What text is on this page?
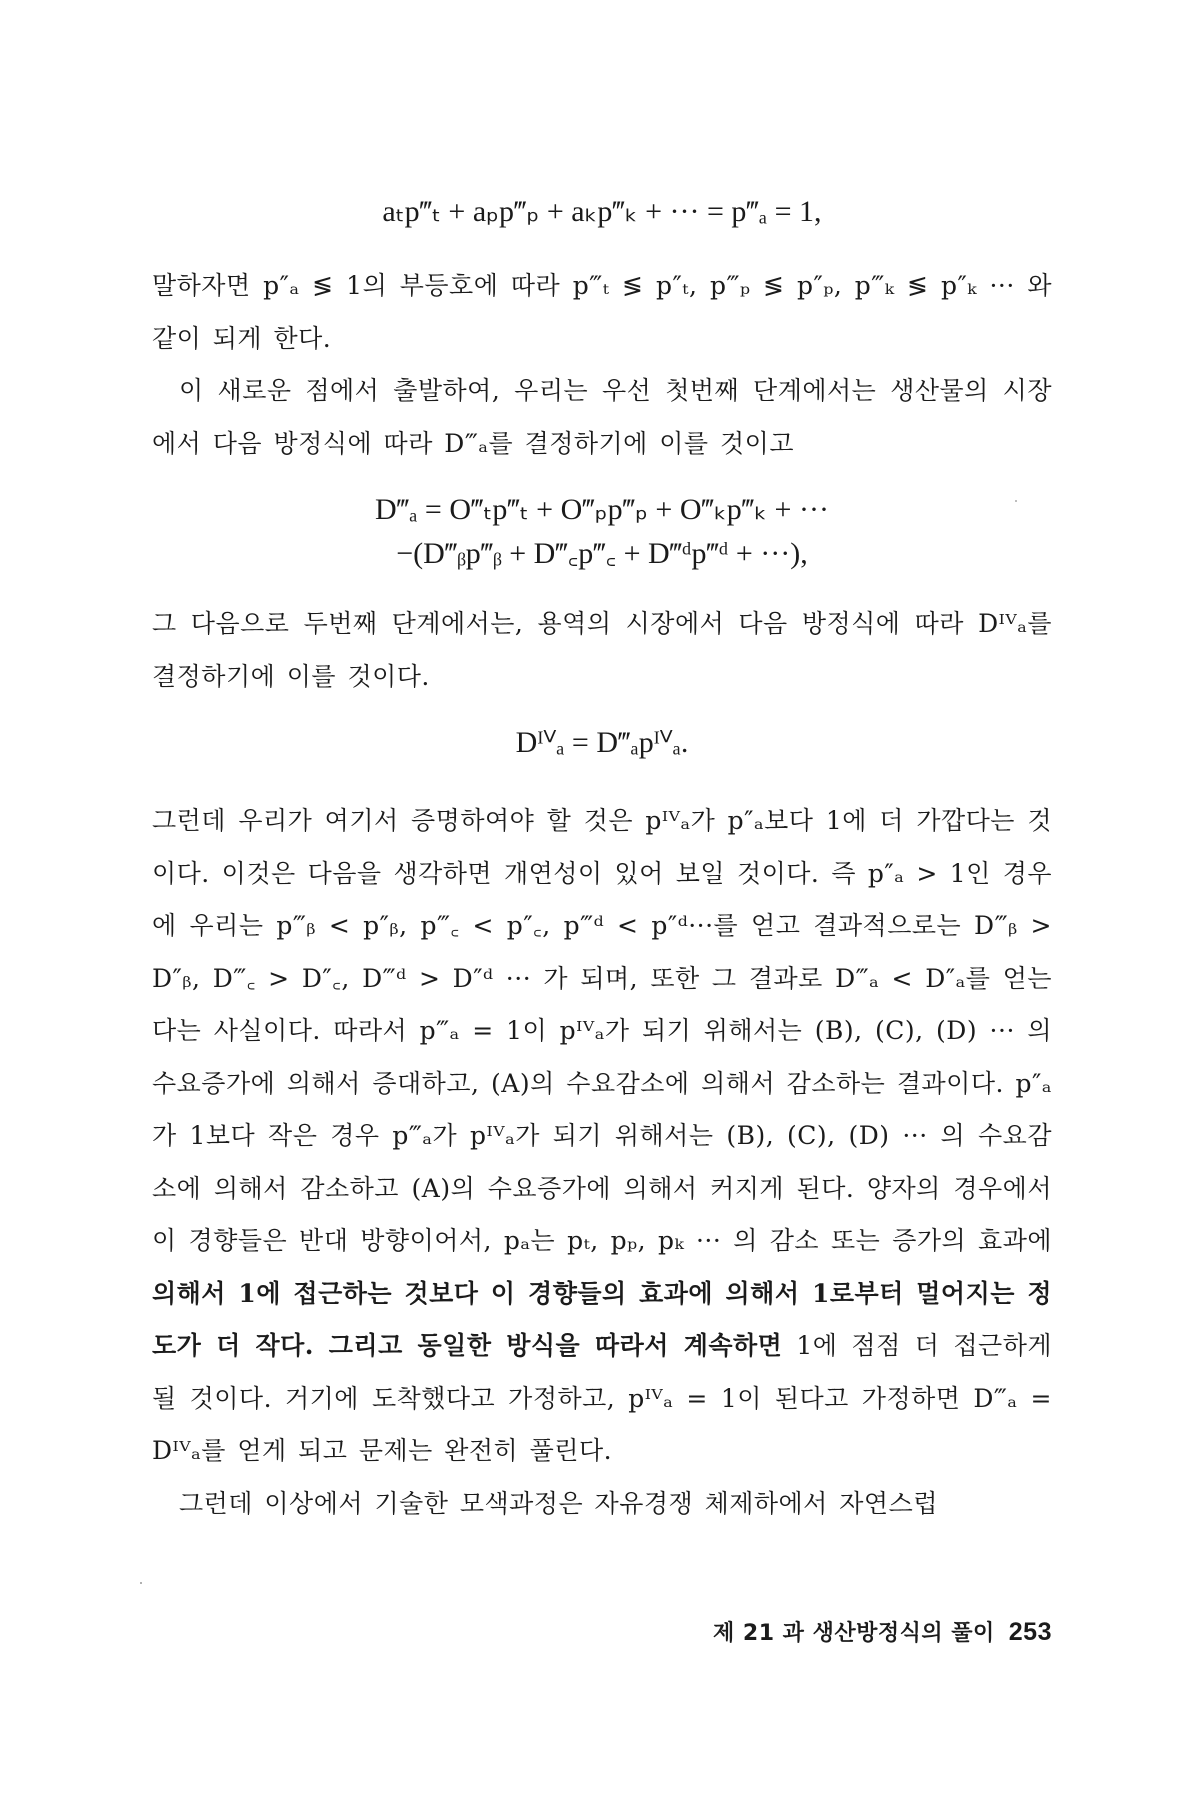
aₜp‴ₜ + aₚp‴ₚ + aₖp‴ₖ + ··· = p‴ₐ = 1,

말하자면 p″ₐ ≶ 1의 부등호에 따라 p‴ₜ ≶ p″ₜ, p‴ₚ ≶ p″ₚ, p‴ₖ ≶ p″ₖ ··· 와 같이 되게 한다.

이 새로운 점에서 출발하여, 우리는 우선 첫번째 단계에서는 생산물의 시장에서 다음 방정식에 따라 D‴ₐ를 결정하기에 이를 것이고

D‴ₐ = O‴ₜp‴ₜ + O‴ₚp‴ₚ + O‴ₖp‴ₖ + ···
−(D‴ᵦp‴ᵦ + D‴꜀p‴꜀ + D‴ᵈp‴ᵈ + ···),

그 다음으로 두번째 단계에서는, 용역의 시장에서 다음 방정식에 따라 Dᴵⱽₐ를 결정하기에 이를 것이다.

Dᴵⱽₐ = D‴ₐpᴵⱽₐ.

그런데 우리가 여기서 증명하여야 할 것은 pᴵⱽₐ가 p″ₐ보다 1에 더 가깝다는 것이다. 이것은 다음을 생각하면 개연성이 있어 보일 것이다. 즉 p″ₐ > 1인 경우에 우리는 p‴ᵦ < p″ᵦ, p‴꜀ < p″꜀, p‴ᵈ < p″ᵈ···를 얻고 결과적으로는 D‴ᵦ > D″ᵦ, D‴꜀ > D″꜀, D‴ᵈ > D″ᵈ ··· 가 되며, 또한 그 결과로 D‴ₐ < D″ₐ를 얻는다는 사실이다. 따라서 p‴ₐ = 1이 pᴵⱽₐ가 되기 위해서는 (B), (C), (D) ··· 의 수요증가에 의해서 증대하고, (A)의 수요감소에 의해서 감소하는 결과이다. p″ₐ가 1보다 작은 경우 p‴ₐ가 pᴵⱽₐ가 되기 위해서는 (B), (C), (D) ··· 의 수요감소에 의해서 감소하고 (A)의 수요증가에 의해서 커지게 된다. 양자의 경우에서 이 경향들은 반대 방향이어서, pₐ는 pₜ, pₚ, pₖ ··· 의 감소 또는 증가의 효과에 의해서 1에 접근하는 것보다 이 경향들의 효과에 의해서 1로부터 멀어지는 정도가 더 작다. 그리고 동일한 방식을 따라서 계속하면 1에 점점 더 접근하게 될 것이다. 거기에 도착했다고 가정하고, pᴵⱽₐ = 1이 된다고 가정하면 D‴ₐ = Dᴵⱽₐ를 얻게 되고 문제는 완전히 풀린다.

그런데 이상에서 기술한 모색과정은 자유경쟁 체제하에서 자연스럽

제 21 과 생산방정식의 풀이 253
